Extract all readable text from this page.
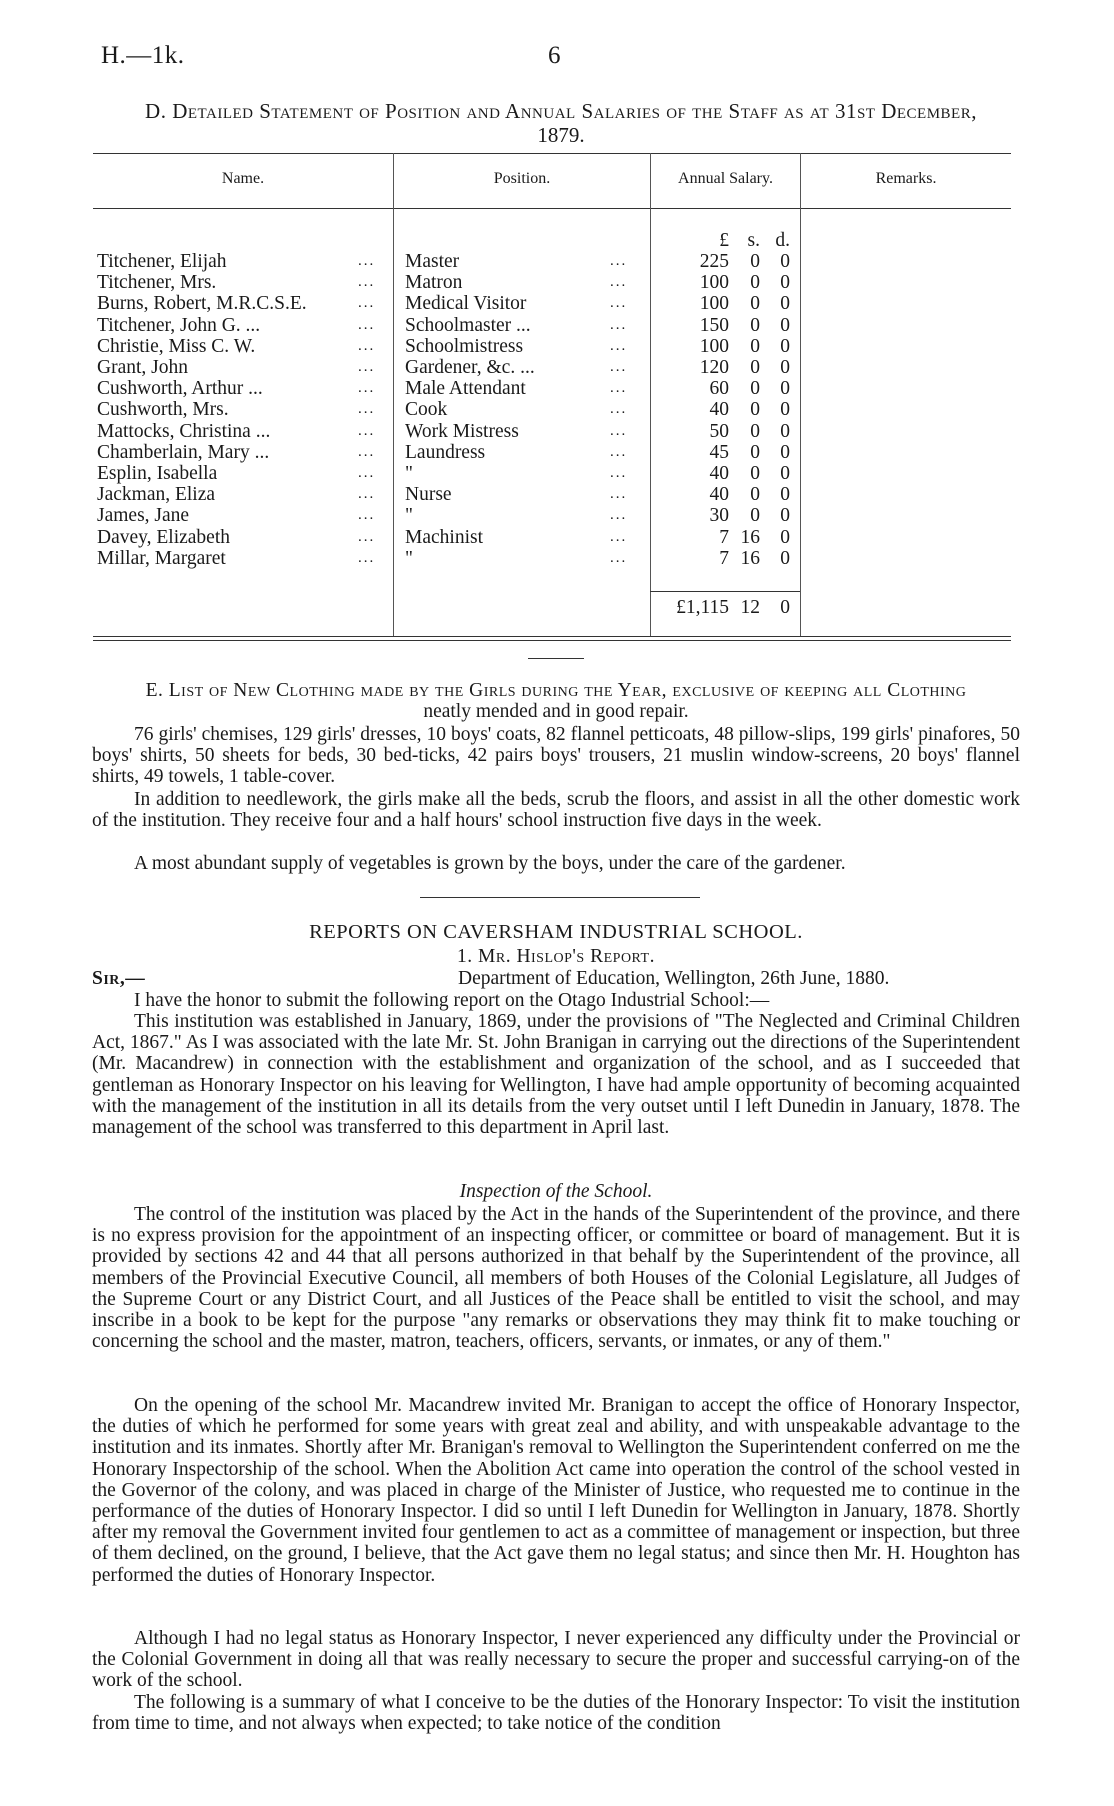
H.—1k.	6
D. Detailed Statement of Position and Annual Salaries of the Staff as at 31st December,
1879.
Name.	Position.	Annual Salary.	Remarks.
£ s. d.
Titchener, Elijah	... Master	...	225	0	0
Titchener, Mrs.	... Matron	...	100	0	0
Burns, Robert, M.R.C.S.E.	... Medical Visitor	...	100	0	0
Titchener, John G. ...	... Schoolmaster ...	...	150	0	0
Christie, Miss C. W.	... Schoolmistress	...	100	0	0
Grant, John	... Gardener, &c. ...	...	120	0	0
Cushworth, Arthur ...	... Male Attendant	...	60	0	0
Cushworth, Mrs.	... Cook	...	40	0	0
Mattocks, Christina ...	... Work Mistress	...	50	0	0
Chamberlain, Mary ...	... Laundress	...	45	0	0
Esplin, Isabella	... "	...	40	0	0
Jackman, Eliza	... Nurse	...	40	0	0
James, Jane	... "	...	30	0	0
Davey, Elizabeth	... Machinist	...	7 16	0
Millar, Margaret	... "	...	7 16	0
£1,115 12	0
E. List of New Clothing made by the Girls during the Year, exclusive of keeping all Clothing
neatly mended and in good repair.

76 girls' chemises, 129 girls' dresses, 10 boys' coats, 82 flannel petticoats, 48 pillow-slips, 199 girls' pinafores, 50 boys' shirts, 50 sheets for beds, 30 bed-ticks, 42 pairs boys' trousers, 21 muslin window-screens, 20 boys' flannel shirts, 49 towels, 1 table-cover.

In addition to needlework, the girls make all the beds, scrub the floors, and assist in all the other domestic work of the institution. They receive four and a half hours' school instruction five days in the week.

A most abundant supply of vegetables is grown by the boys, under the care of the gardener.

REPORTS ON CAVERSHAM INDUSTRIAL SCHOOL.
1. Mr. Hislop's Report.
Sir,—	Department of Education, Wellington, 26th June, 1880.

I have the honor to submit the following report on the Otago Industrial School:—

This institution was established in January, 1869, under the provisions of "The Neglected and Criminal Children Act, 1867." As I was associated with the late Mr. St. John Branigan in carrying out the directions of the Superintendent (Mr. Macandrew) in connection with the establishment and organization of the school, and as I succeeded that gentleman as Honorary Inspector on his leaving for Wellington, I have had ample opportunity of becoming acquainted with the management of the institution in all its details from the very outset until I left Dunedin in January, 1878. The management of the school was transferred to this department in April last.

Inspection of the School.

The control of the institution was placed by the Act in the hands of the Superintendent of the province, and there is no express provision for the appointment of an inspecting officer, or committee or board of management. But it is provided by sections 42 and 44 that all persons authorized in that behalf by the Superintendent of the province, all members of the Provincial Executive Council, all members of both Houses of the Colonial Legislature, all Judges of the Supreme Court or any District Court, and all Justices of the Peace shall be entitled to visit the school, and may inscribe in a book to be kept for the purpose "any remarks or observations they may think fit to make touching or concerning the school and the master, matron, teachers, officers, servants, or inmates, or any of them."

On the opening of the school Mr. Macandrew invited Mr. Branigan to accept the office of Honorary Inspector, the duties of which he performed for some years with great zeal and ability, and with unspeakable advantage to the institution and its inmates. Shortly after Mr. Branigan's removal to Wellington the Superintendent conferred on me the Honorary Inspectorship of the school. When the Abolition Act came into operation the control of the school vested in the Governor of the colony, and was placed in charge of the Minister of Justice, who requested me to continue in the performance of the duties of Honorary Inspector. I did so until I left Dunedin for Wellington in January, 1878. Shortly after my removal the Government invited four gentlemen to act as a committee of management or inspection, but three of them declined, on the ground, I believe, that the Act gave them no legal status; and since then Mr. H. Houghton has performed the duties of Honorary Inspector.

Although I had no legal status as Honorary Inspector, I never experienced any difficulty under the Provincial or the Colonial Government in doing all that was really necessary to secure the proper and successful carrying-on of the work of the school.

The following is a summary of what I conceive to be the duties of the Honorary Inspector: To visit the institution from time to time, and not always when expected; to take notice of the condition
